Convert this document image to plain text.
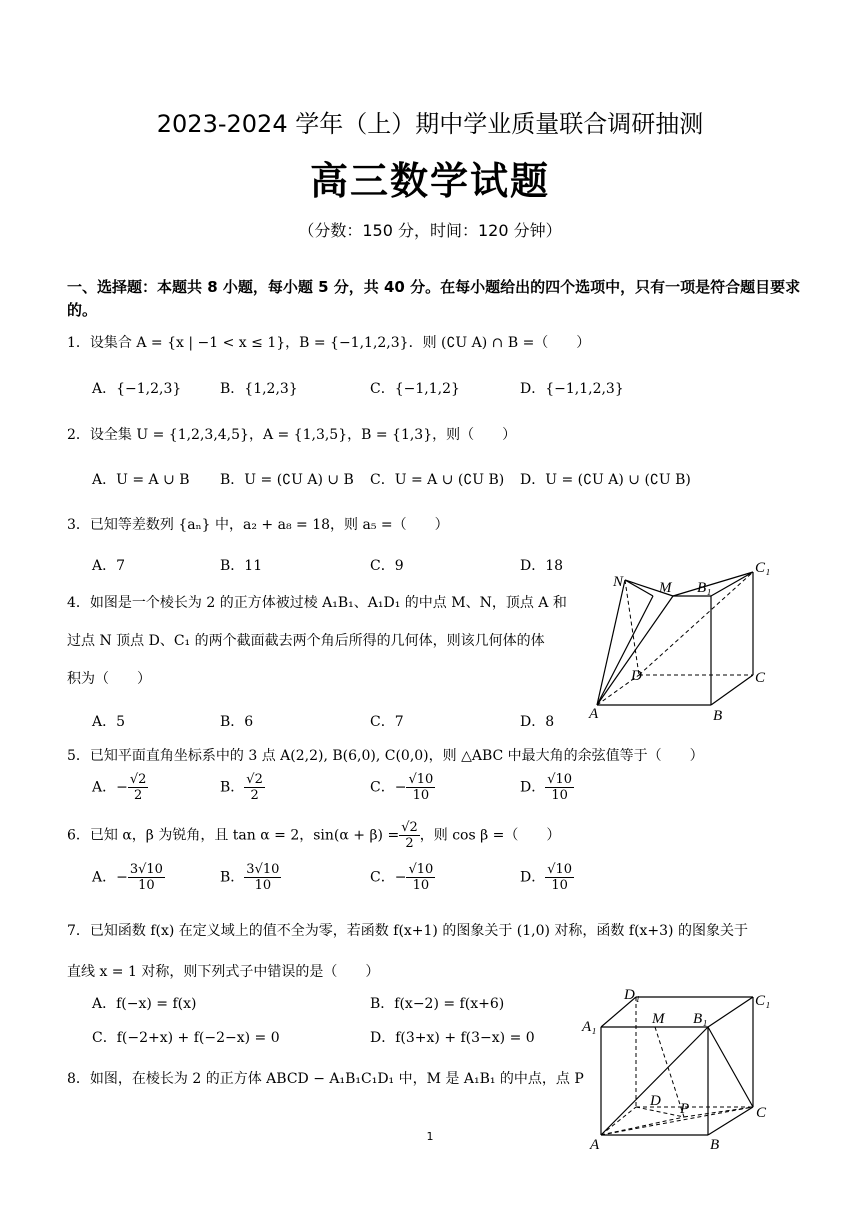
2023-2024 学年（上）期中学业质量联合调研抽测
高三数学试题
（分数：150 分，时间：120 分钟）
一、选择题：本题共 8 小题，每小题 5 分，共 40 分。在每小题给出的四个选项中，只有一项是符合题目要求的。
1．设集合 A = {x | −1 < x ≤ 1}，B = {−1,1,2,3}．则 (∁U A) ∩ B =（　　）
A．{−1,2,3}	B．{1,2,3}	C．{−1,1,2}	D．{−1,1,2,3}
2．设全集 U = {1,2,3,4,5}，A = {1,3,5}，B = {1,3}，则（　　）
A．U = A ∪ B B．U = (∁U A) ∪ B C．U = A ∪ (∁U B) D．U = (∁U A) ∪ (∁U B)
3．已知等差数列 {aₙ} 中，a₂ + a₈ = 18，则 a₅ =（　　）
A．7	B．11	C．9	D．18
4．如图是一个棱长为 2 的正方体被过棱 A₁B₁、A₁D₁ 的中点 M、N，顶点 A 和
过点 N 顶点 D、C₁ 的两个截面截去两个角后所得的几何体，则该几何体的体
积为（　　）
A．5	B．6	C．7	D．8
N M B₁
C₁
D	C
A	B
5．已知平面直角坐标系中的 3 点 A(2,2), B(6,0), C(0,0)，则 △ABC 中最大角的余弦值等于（　　）
A．− $\frac{√2}{2}$	B． $\frac{√2}{2}$	C．− $\frac{√10}{10}$	D． $\frac{√10}{10}$
6．已知 α，β 为锐角，且 tan α = 2，$\sin(\alpha + \beta) = \frac{√2}{2}$ ，则 cos β =（　　）
A．− $\frac{3√10}{10}$	B． $\frac{3√10}{10}$	C．− $\frac{√10}{10}$	D． $\frac{√10}{10}$
7．已知函数 f(x) 在定义域上的值不全为零，若函数 f(x+1) 的图象关于 (1,0) 对称，函数 f(x+3) 的图象关于
直线 x = 1 对称，则下列式子中错误的是（　　）
A．f(−x) = f(x)	B．f(x−2) = f(x+6)
C．f(−2+x) + f(−2−x) = 0	D．f(3+x) + f(3−x) = 0
8．如图，在棱长为 2 的正方体 ABCD − A₁B₁C₁D₁ 中，M 是 A₁B₁ 的中点，点 P
D₁	C₁
A₁	M B₁
D P	C
A	B
1
